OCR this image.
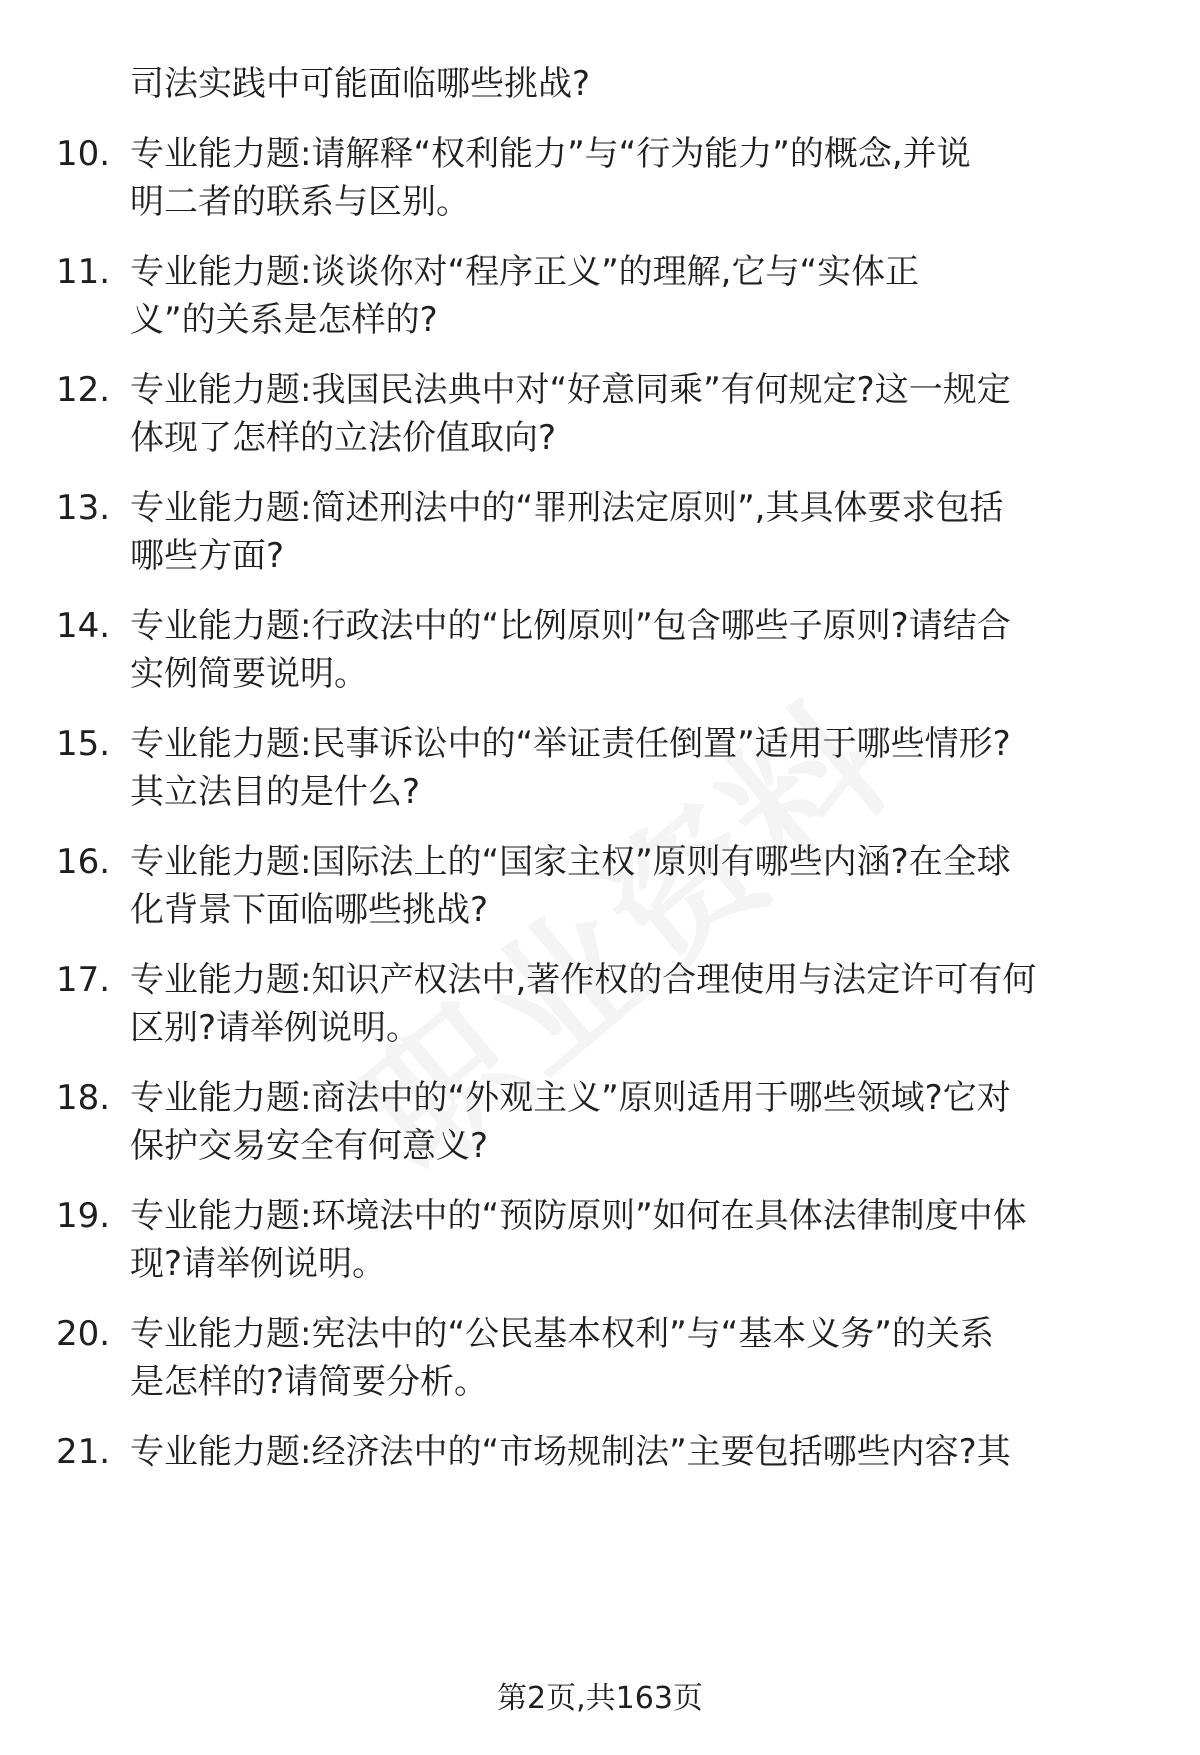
司法实践中可能面临哪些挑战?
10. 专业能力题:请解释“权利能力”与“行为能力”的概念,并说
明二者的联系与区别。
11. 专业能力题:谈谈你对“程序正义”的理解,它与“实体正
义”的关系是怎样的?
12. 专业能力题:我国民法典中对“好意同乘”有何规定?这一规定
体现了怎样的立法价值取向?
13. 专业能力题:简述刑法中的“罪刑法定原则”,其具体要求包括
哪些方面?
14. 专业能力题:行政法中的“比例原则”包含哪些子原则?请结合
实例简要说明。
15. 专业能力题:民事诉讼中的“举证责任倒置”适用于哪些情形?
其立法目的是什么?
16. 专业能力题:国际法上的“国家主权”原则有哪些内涵?在全球
化背景下面临哪些挑战?
17. 专业能力题:知识产权法中,著作权的合理使用与法定许可有何
区别?请举例说明。
18. 专业能力题:商法中的“外观主义”原则适用于哪些领域?它对
保护交易安全有何意义?
19. 专业能力题:环境法中的“预防原则”如何在具体法律制度中体
现?请举例说明。
20. 专业能力题:宪法中的“公民基本权利”与“基本义务”的关系
是怎样的?请简要分析。
21. 专业能力题:经济法中的“市场规制法”主要包括哪些内容?其
第2页,共163页
